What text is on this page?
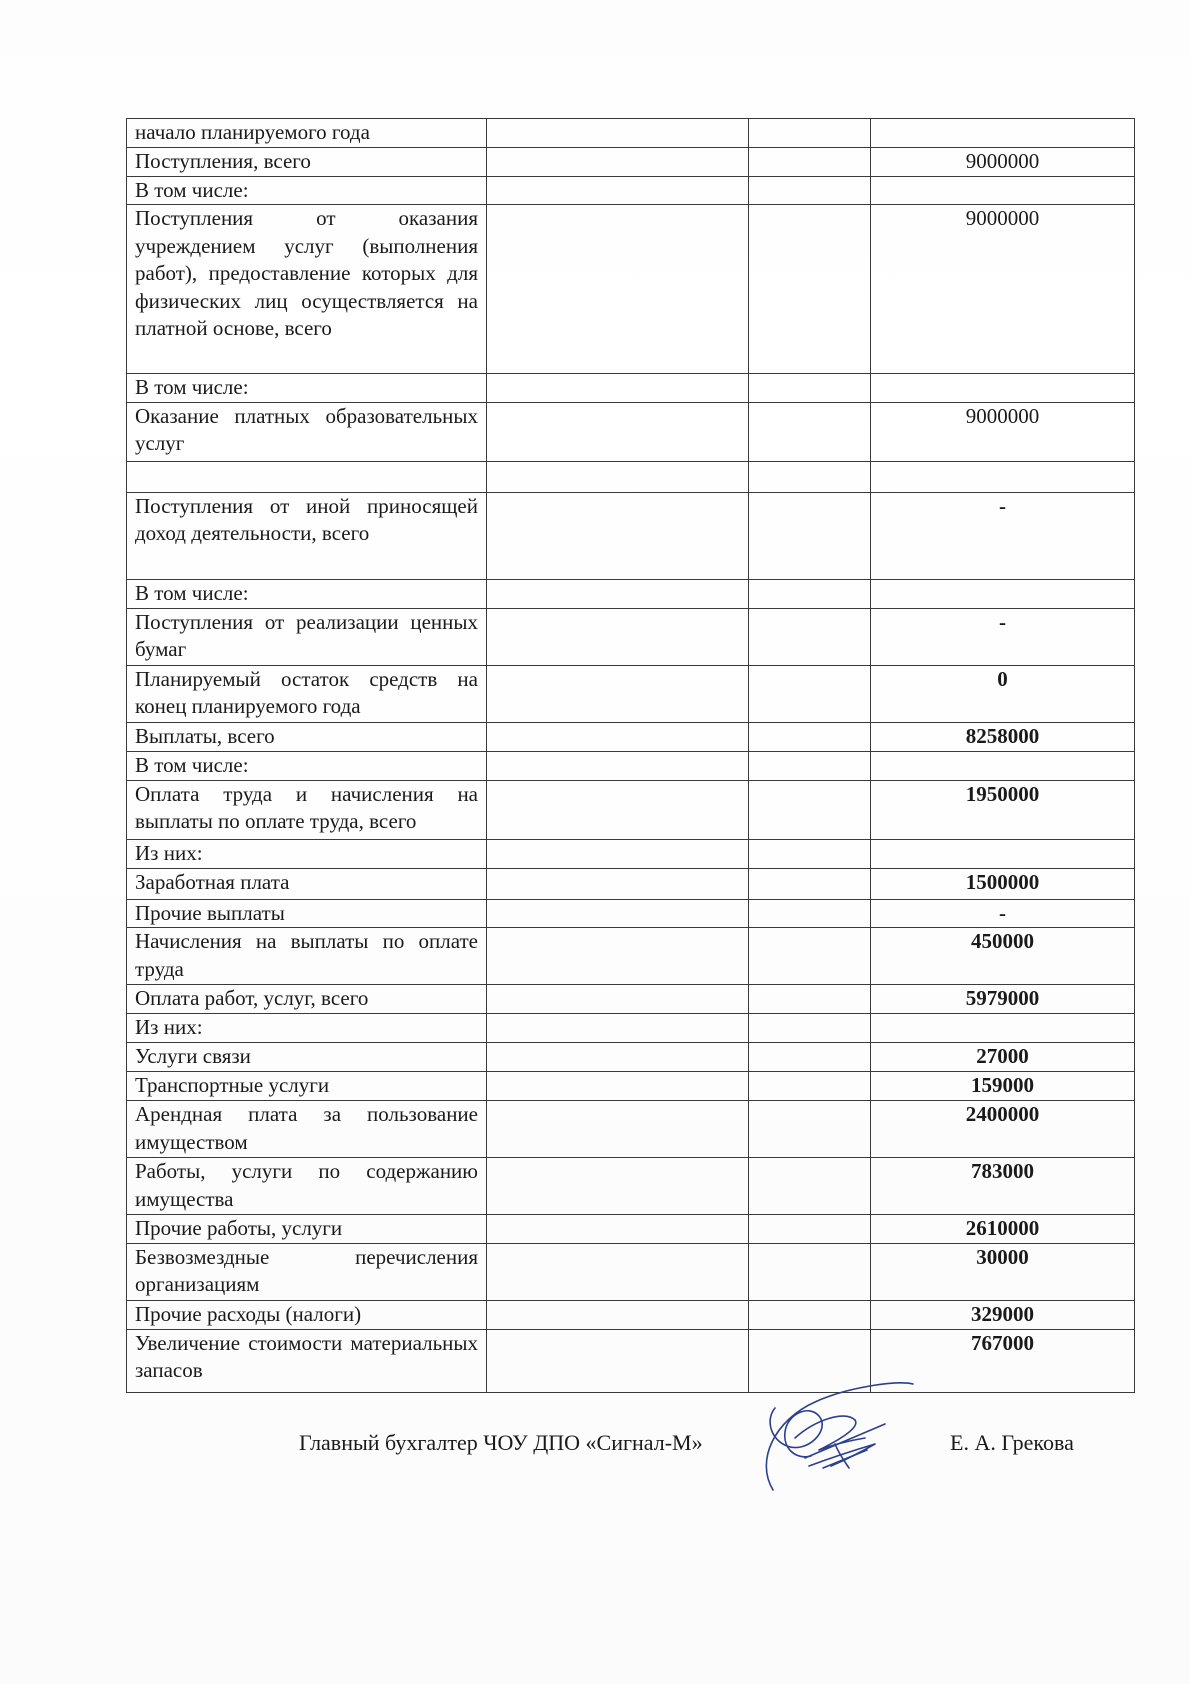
начало планируемого года			
Поступления, всего			9000000
В том числе:			
Поступления от оказания учреждением услуг (выполнения работ), предоставление которых для физических лиц осуществляется на платной основе, всего			9000000
В том числе:			
Оказание платных образовательных услуг			9000000

Поступления от иной приносящей доход деятельности, всего			-
В том числе:			
Поступления от реализации ценных бумаг			-
Планируемый остаток средств на конец планируемого года			0
Выплаты, всего			8258000
В том числе:			
Оплата труда и начисления на выплаты по оплате труда, всего			1950000
Из них:			
Заработная плата			1500000
Прочие выплаты			-
Начисления на выплаты по оплате труда			450000
Оплата работ, услуг, всего			5979000
Из них:			
Услуги связи			27000
Транспортные услуги			159000
Арендная плата за пользование имуществом			2400000
Работы, услуги по содержанию имущества			783000
Прочие работы, услуги			2610000
Безвозмездные перечисления организациям			30000
Прочие расходы (налоги)			329000
Увеличение стоимости материальных запасов			767000
Главный бухгалтер ЧОУ ДПО «Сигнал-М»	Е. А. Грекова
